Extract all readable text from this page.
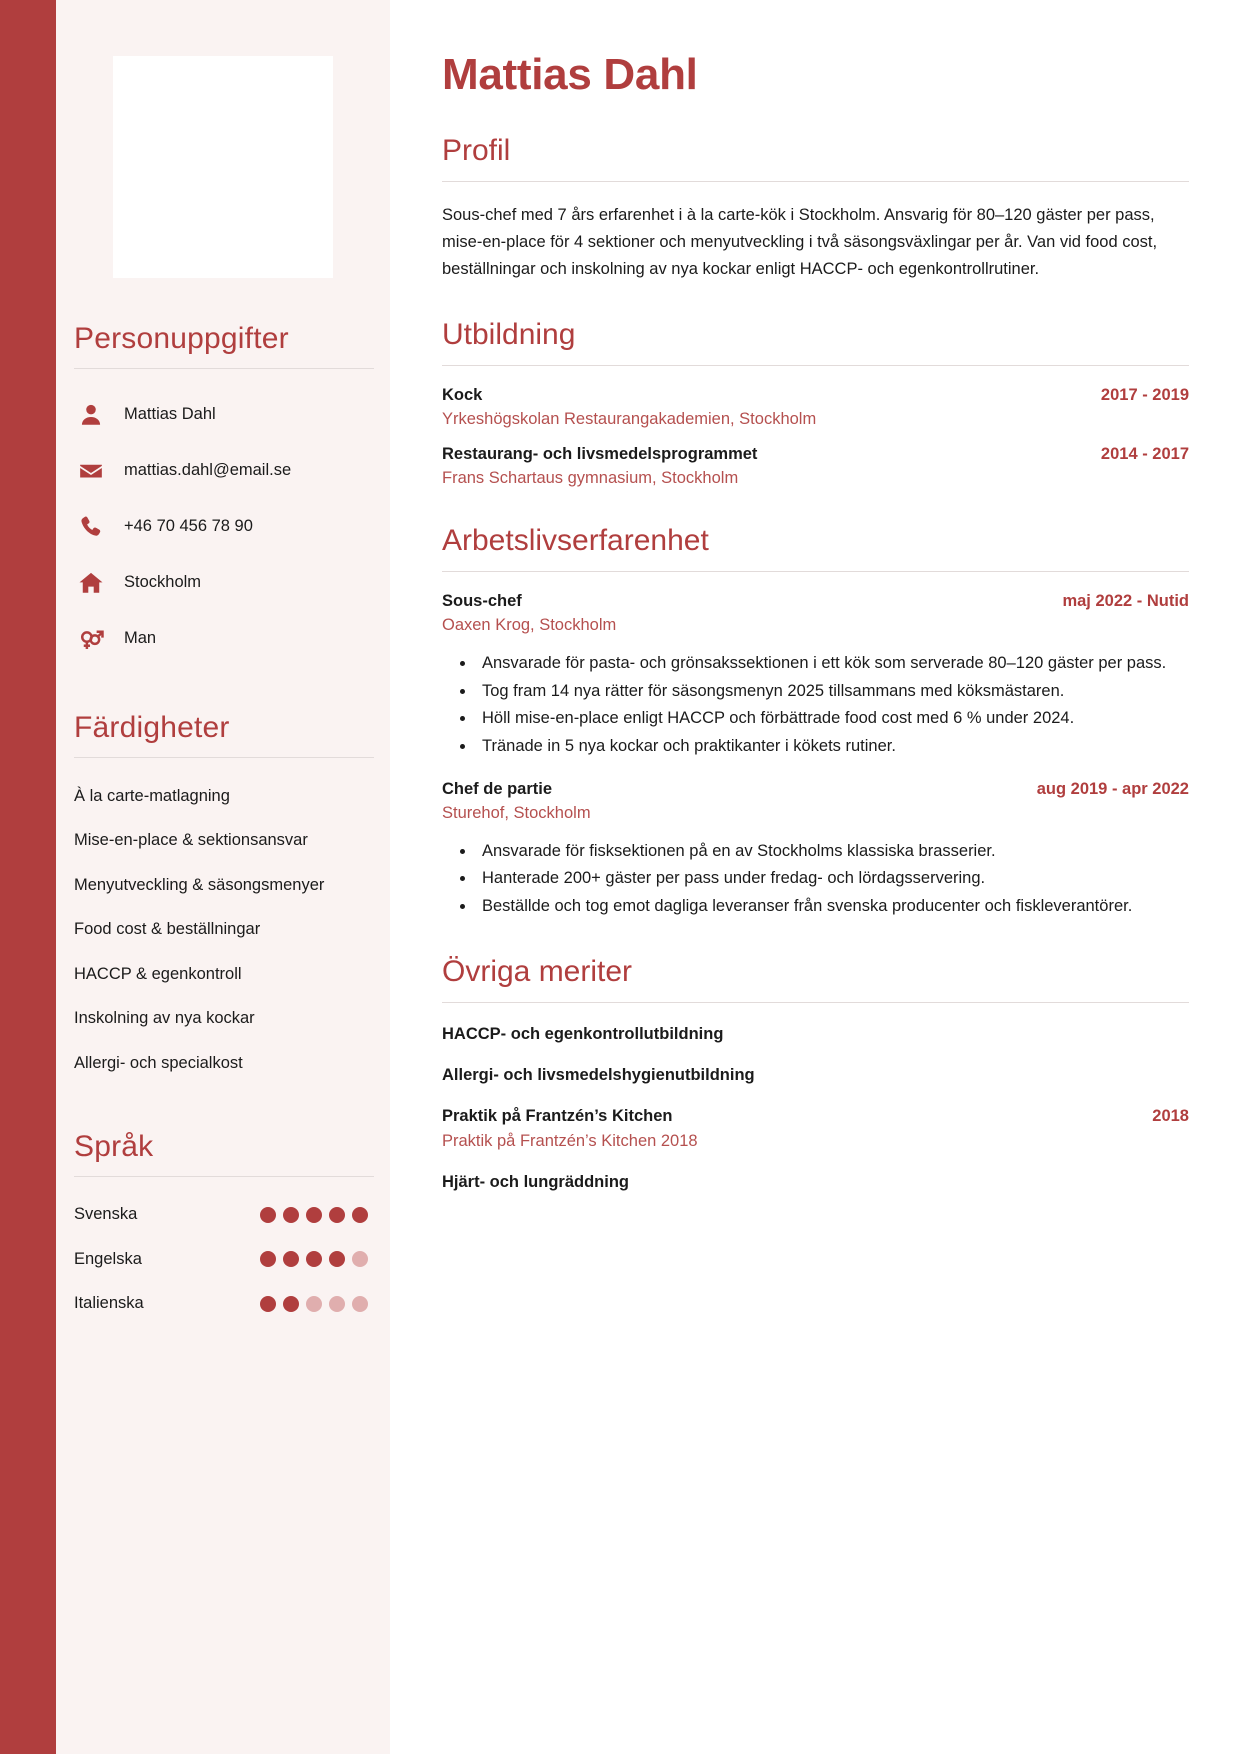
Personuppgifter
Mattias Dahl
mattias.dahl@email.se
+46 70 456 78 90
Stockholm
Man
Färdigheter
À la carte-matlagning
Mise-en-place & sektionsansvar
Menyutveckling & säsongsmenyer
Food cost & beställningar
HACCP & egenkontroll
Inskolning av nya kockar
Allergi- och specialkost
Språk
Svenska
Engelska
Italienska
Mattias Dahl
Profil

Sous-chef med 7 års erfarenhet i à la carte-kök i Stockholm. Ansvarig för 80–120 gäster per pass, mise-en-place för 4 sektioner och menyutveckling i två säsongsväxlingar per år. Van vid food cost, beställningar och inskolning av nya kockar enligt HACCP- och egenkontrollrutiner.

Utbildning
Kock	2017 - 2019
Yrkeshögskolan Restaurangakademien, Stockholm
Restaurang- och livsmedelsprogrammet	2014 - 2017
Frans Schartaus gymnasium, Stockholm
Arbetslivserfarenhet
Sous-chef	maj 2022 - Nutid
Oaxen Krog, Stockholm
• Ansvarade för pasta- och grönsakssektionen i ett kök som serverade 80–120 gäster per pass.
• Tog fram 14 nya rätter för säsongsmenyn 2025 tillsammans med köksmästaren.
• Höll mise-en-place enligt HACCP och förbättrade food cost med 6 % under 2024.
• Tränade in 5 nya kockar och praktikanter i kökets rutiner.
Chef de partie	aug 2019 - apr 2022
Sturehof, Stockholm
• Ansvarade för fisksektionen på en av Stockholms klassiska brasserier.
• Hanterade 200+ gäster per pass under fredag- och lördagsservering.
• Beställde och tog emot dagliga leveranser från svenska producenter och fiskleverantörer.
Övriga meriter
HACCP- och egenkontrollutbildning
Allergi- och livsmedelshygienutbildning
Praktik på Frantzén’s Kitchen	2018
Praktik på Frantzén’s Kitchen 2018
Hjärt- och lungräddning
